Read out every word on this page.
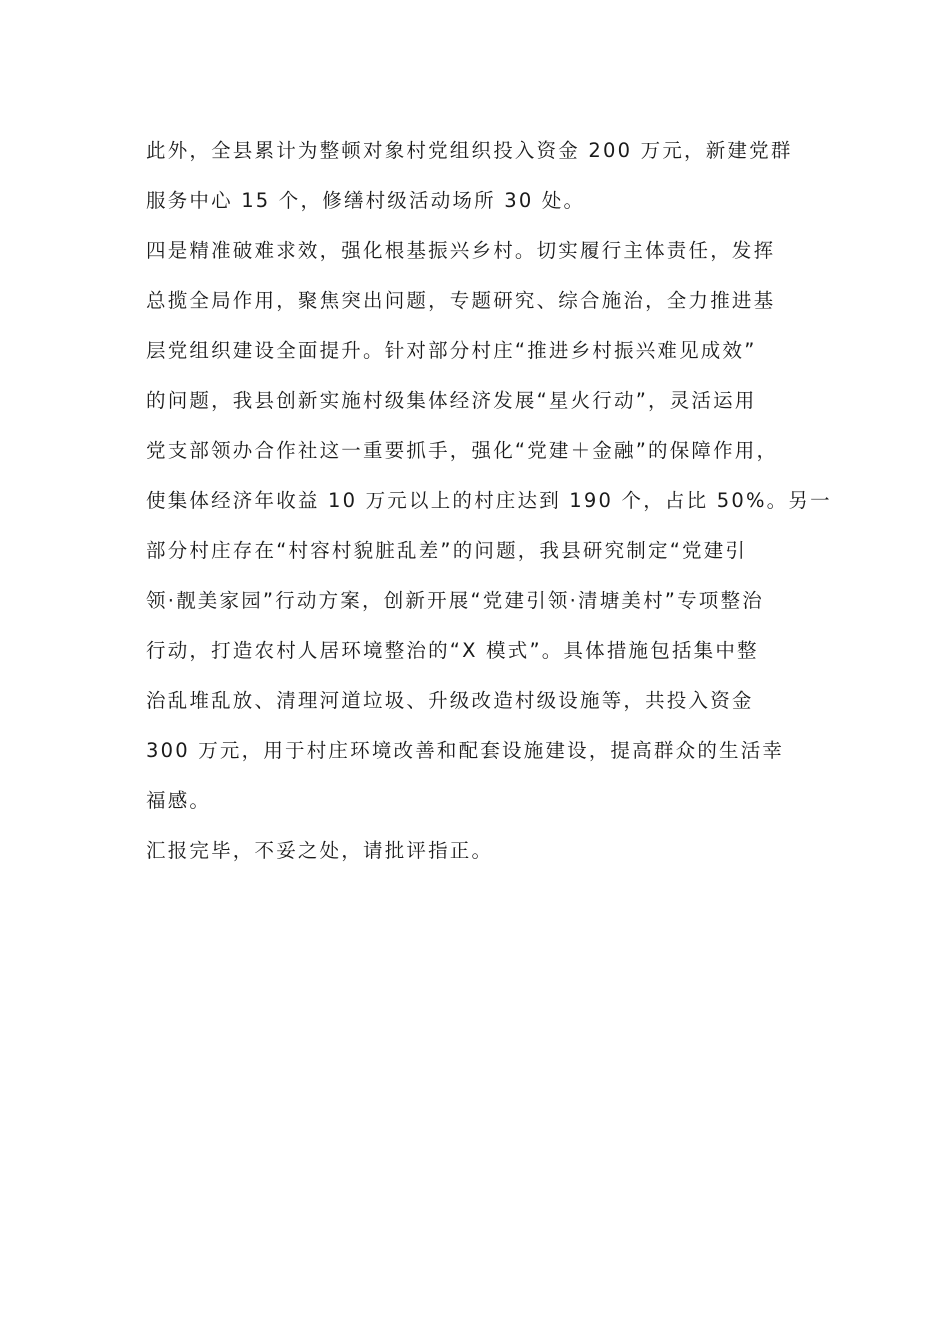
此外，全县累计为整顿对象村党组织投入资金 200 万元，新建党群
服务中心 15 个，修缮村级活动场所 30 处。
四是精准破难求效，强化根基振兴乡村。切实履行主体责任，发挥
总揽全局作用，聚焦突出问题，专题研究、综合施治，全力推进基
层党组织建设全面提升。针对部分村庄“推进乡村振兴难见成效”
的问题，我县创新实施村级集体经济发展“星火行动”，灵活运用
党支部领办合作社这一重要抓手，强化“党建＋金融”的保障作用，
使集体经济年收益 10 万元以上的村庄达到 190 个，占比 50%。另一
部分村庄存在“村容村貌脏乱差”的问题，我县研究制定“党建引
领·靓美家园”行动方案，创新开展“党建引领·清塘美村”专项整治
行动，打造农村人居环境整治的“X 模式”。具体措施包括集中整
治乱堆乱放、清理河道垃圾、升级改造村级设施等，共投入资金
300 万元，用于村庄环境改善和配套设施建设，提高群众的生活幸
福感。
汇报完毕，不妥之处，请批评指正。
